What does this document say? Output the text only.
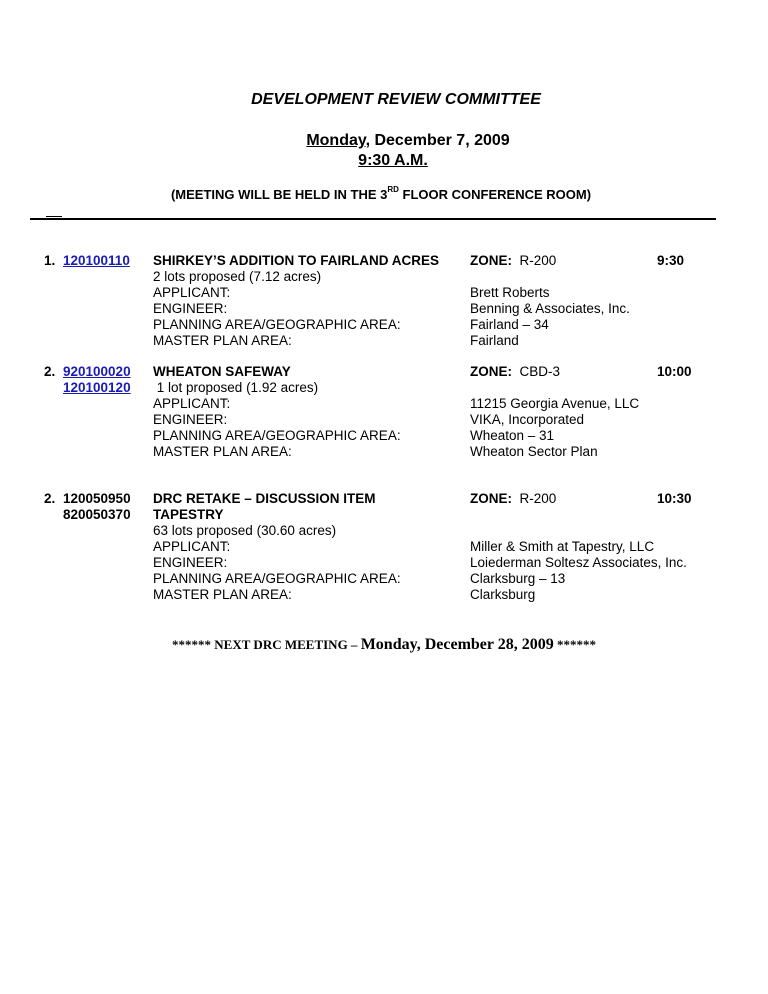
DEVELOPMENT REVIEW COMMITTEE
Monday, December 7, 2009
9:30 A.M.
(MEETING WILL BE HELD IN THE 3RD FLOOR CONFERENCE ROOM)
1. 120100110 SHIRKEY’S ADDITION TO FAIRLAND ACRES
2 lots proposed (7.12 acres)
APPLICANT:
ENGINEER:
PLANNING AREA/GEOGRAPHIC AREA:
MASTER PLAN AREA:
ZONE: R-200

Brett Roberts
Benning & Associates, Inc.
Fairland – 34
Fairland
9:30
2. 920100020
120100120
WHEATON SAFEWAY
1 lot proposed (1.92 acres)
APPLICANT:
ENGINEER:
PLANNING AREA/GEOGRAPHIC AREA:
MASTER PLAN AREA:
ZONE: CBD-3

11215 Georgia Avenue, LLC
VIKA, Incorporated
Wheaton – 31
Wheaton Sector Plan
10:00
2. 120050950
820050370
DRC RETAKE – DISCUSSION ITEM
TAPESTRY
63 lots proposed (30.60 acres)
APPLICANT:
ENGINEER:
PLANNING AREA/GEOGRAPHIC AREA:
MASTER PLAN AREA:
ZONE: R-200

Miller & Smith at Tapestry, LLC
Loiederman Soltesz Associates, Inc.
Clarksburg – 13
Clarksburg
10:30
****** NEXT DRC MEETING – Monday, December 28, 2009 ******
